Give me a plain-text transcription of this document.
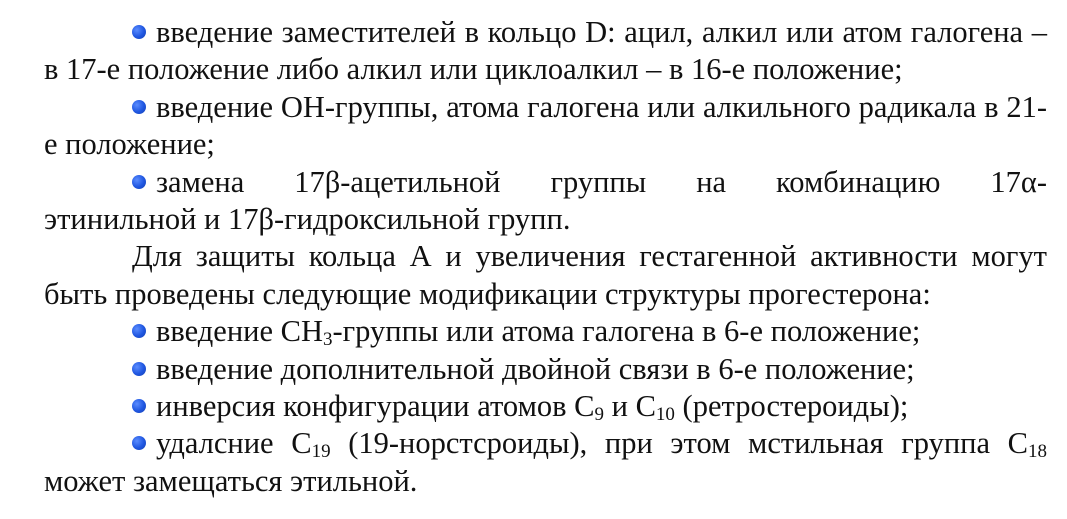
введение заместителей в кольцо D: ацил, алкил или атом галогена – в 17-е положение либо алкил или циклоалкил – в 16-е положение;

введение ОН-группы, атома галогена или алкильного радикала в 21-е положение;

замена 17β-ацетильной группы на комбинацию 17α-

этинильной и 17β-гидроксильной групп.

Для защиты кольца А и увеличения гестагенной активности могут быть проведены следующие модификации структуры прогестерона:

введение $СН_3$-группы или атома галогена в 6-е положение;

введение дополнительной двойной связи в 6-е положение;

инверсия конфигурации атомов $С_9$ и $С_{10}$ (ретростероиды);

удалсние $С_{19}$ (19-норстсроиды), при этом мстильная группа $С_{18}$ может замещаться этильной.
